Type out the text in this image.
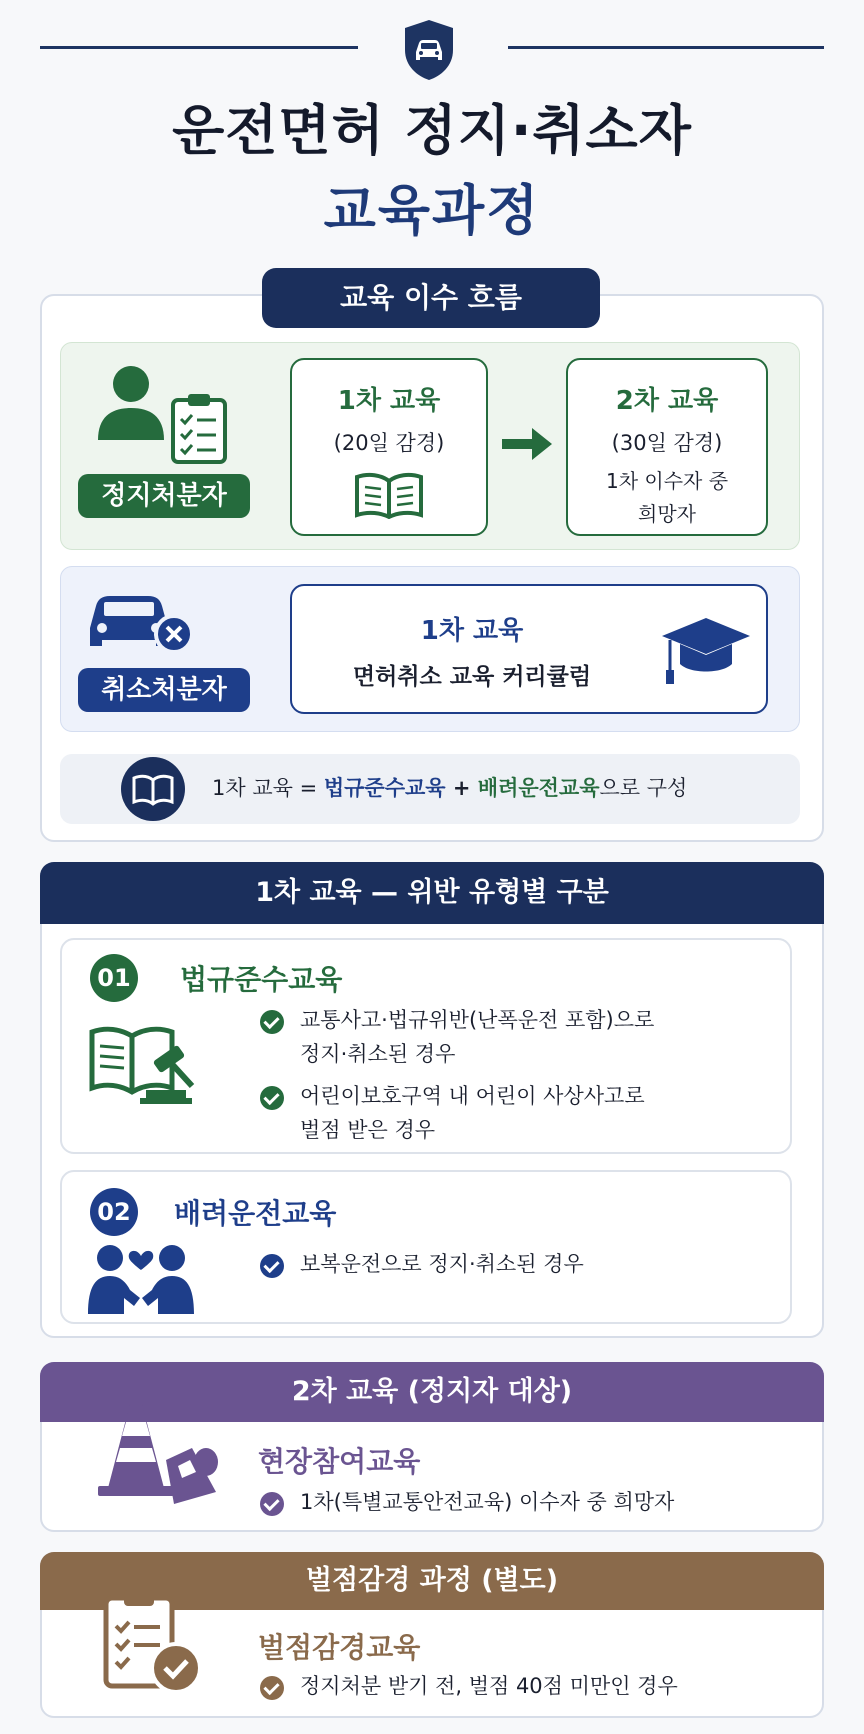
운전면허 정지·취소자
교육과정
교육 이수 흐름
정지처분자
1차 교육
(20일 감경)
2차 교육
(30일 감경)
1차 이수자 중
희망자
취소처분자
1차 교육
면허취소 교육 커리큘럼
1차 교육 = 법규준수교육 + 배려운전교육으로 구성
1차 교육 — 위반 유형별 구분
01 법규준수교육
교통사고·법규위반(난폭운전 포함)으로
정지·취소된 경우
어린이보호구역 내 어린이 사상사고로
벌점 받은 경우
02 배려운전교육
보복운전으로 정지·취소된 경우
2차 교육 (정지자 대상)
현장참여교육
1차(특별교통안전교육) 이수자 중 희망자
벌점감경 과정 (별도)
벌점감경교육
정지처분 받기 전, 벌점 40점 미만인 경우
